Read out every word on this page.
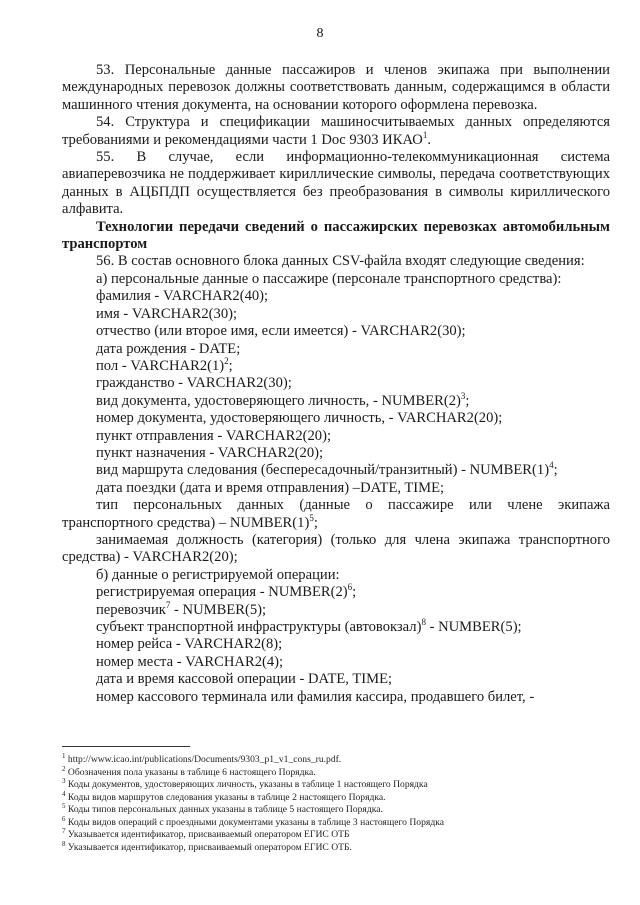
8

53. Персональные данные пассажиров и членов экипажа при выполнении международных перевозок должны соответствовать данным, содержащимся в области машинного чтения документа, на основании которого оформлена перевозка.

54. Структура и спецификации машиносчитываемых данных определяются требованиями и рекомендациями части 1 Doc 9303 ИКАО$^1$.

55. В случае, если информационно-телекоммуникационная система авиаперевозчика не поддерживает кириллические символы, передача соответствующих данных в АЦБПДП осуществляется без преобразования в символы кириллического алфавита.

Технологии передачи сведений о пассажирских перевозках автомобильным транспортом

56. В состав основного блока данных CSV-файла входят следующие сведения:

а) персональные данные о пассажире (персонале транспортного средства):

фамилия - VARCHAR2(40);

имя - VARCHAR2(30);

отчество (или второе имя, если имеется) - VARCHAR2(30);

дата рождения - DATE;

пол - $VARCHAR2(1)^2$;

гражданство - VARCHAR2(30);

вид документа, удостоверяющего личность, - $NUMBER(2)^3$;

номер документа, удостоверяющего личность, - VARCHAR2(20);

пункт отправления - VARCHAR2(20);

пункт назначения - VARCHAR2(20);

вид маршрута следования (беспересадочный/транзитный) - $NUMBER(1)^4$;

дата поездки (дата и время отправления) –DATE, TIME;

тип персональных данных (данные о пассажире или члене экипажа транспортного средства) – $NUMBER(1)^5$;

занимаемая должность (категория) (только для члена экипажа транспортного средства) - VARCHAR2(20);

б) данные о регистрируемой операции:

регистрируемая операция - $NUMBER(2)^6$;

перевозчик$^7$ - NUMBER(5);

субъект транспортной инфраструктуры (автовокзал)$^8$ - NUMBER(5);

номер рейса - VARCHAR2(8);

номер места - VARCHAR2(4);

дата и время кассовой операции - DATE, TIME;

номер кассового терминала или фамилия кассира, продавшего билет, -

$^1$ http://www.icao.int/publications/Documents/9303_p1_v1_cons_ru.pdf.

$^2$ Обозначения пола указаны в таблице 6 настоящего Порядка.

$^3$ Коды документов, удостоверяющих личность, указаны в таблице 1 настоящего Порядка

$^4$ Коды видов маршрутов следования указаны в таблице 2 настоящего Порядка.

$^5$ Коды типов персональных данных указаны в таблице 5 настоящего Порядка.

$^6$ Коды видов операций с проездными документами указаны в таблице 3 настоящего Порядка

$^7$ Указывается идентификатор, присваиваемый оператором ЕГИС ОТБ

$^8$ Указывается идентификатор, присваиваемый оператором ЕГИС ОТБ.
